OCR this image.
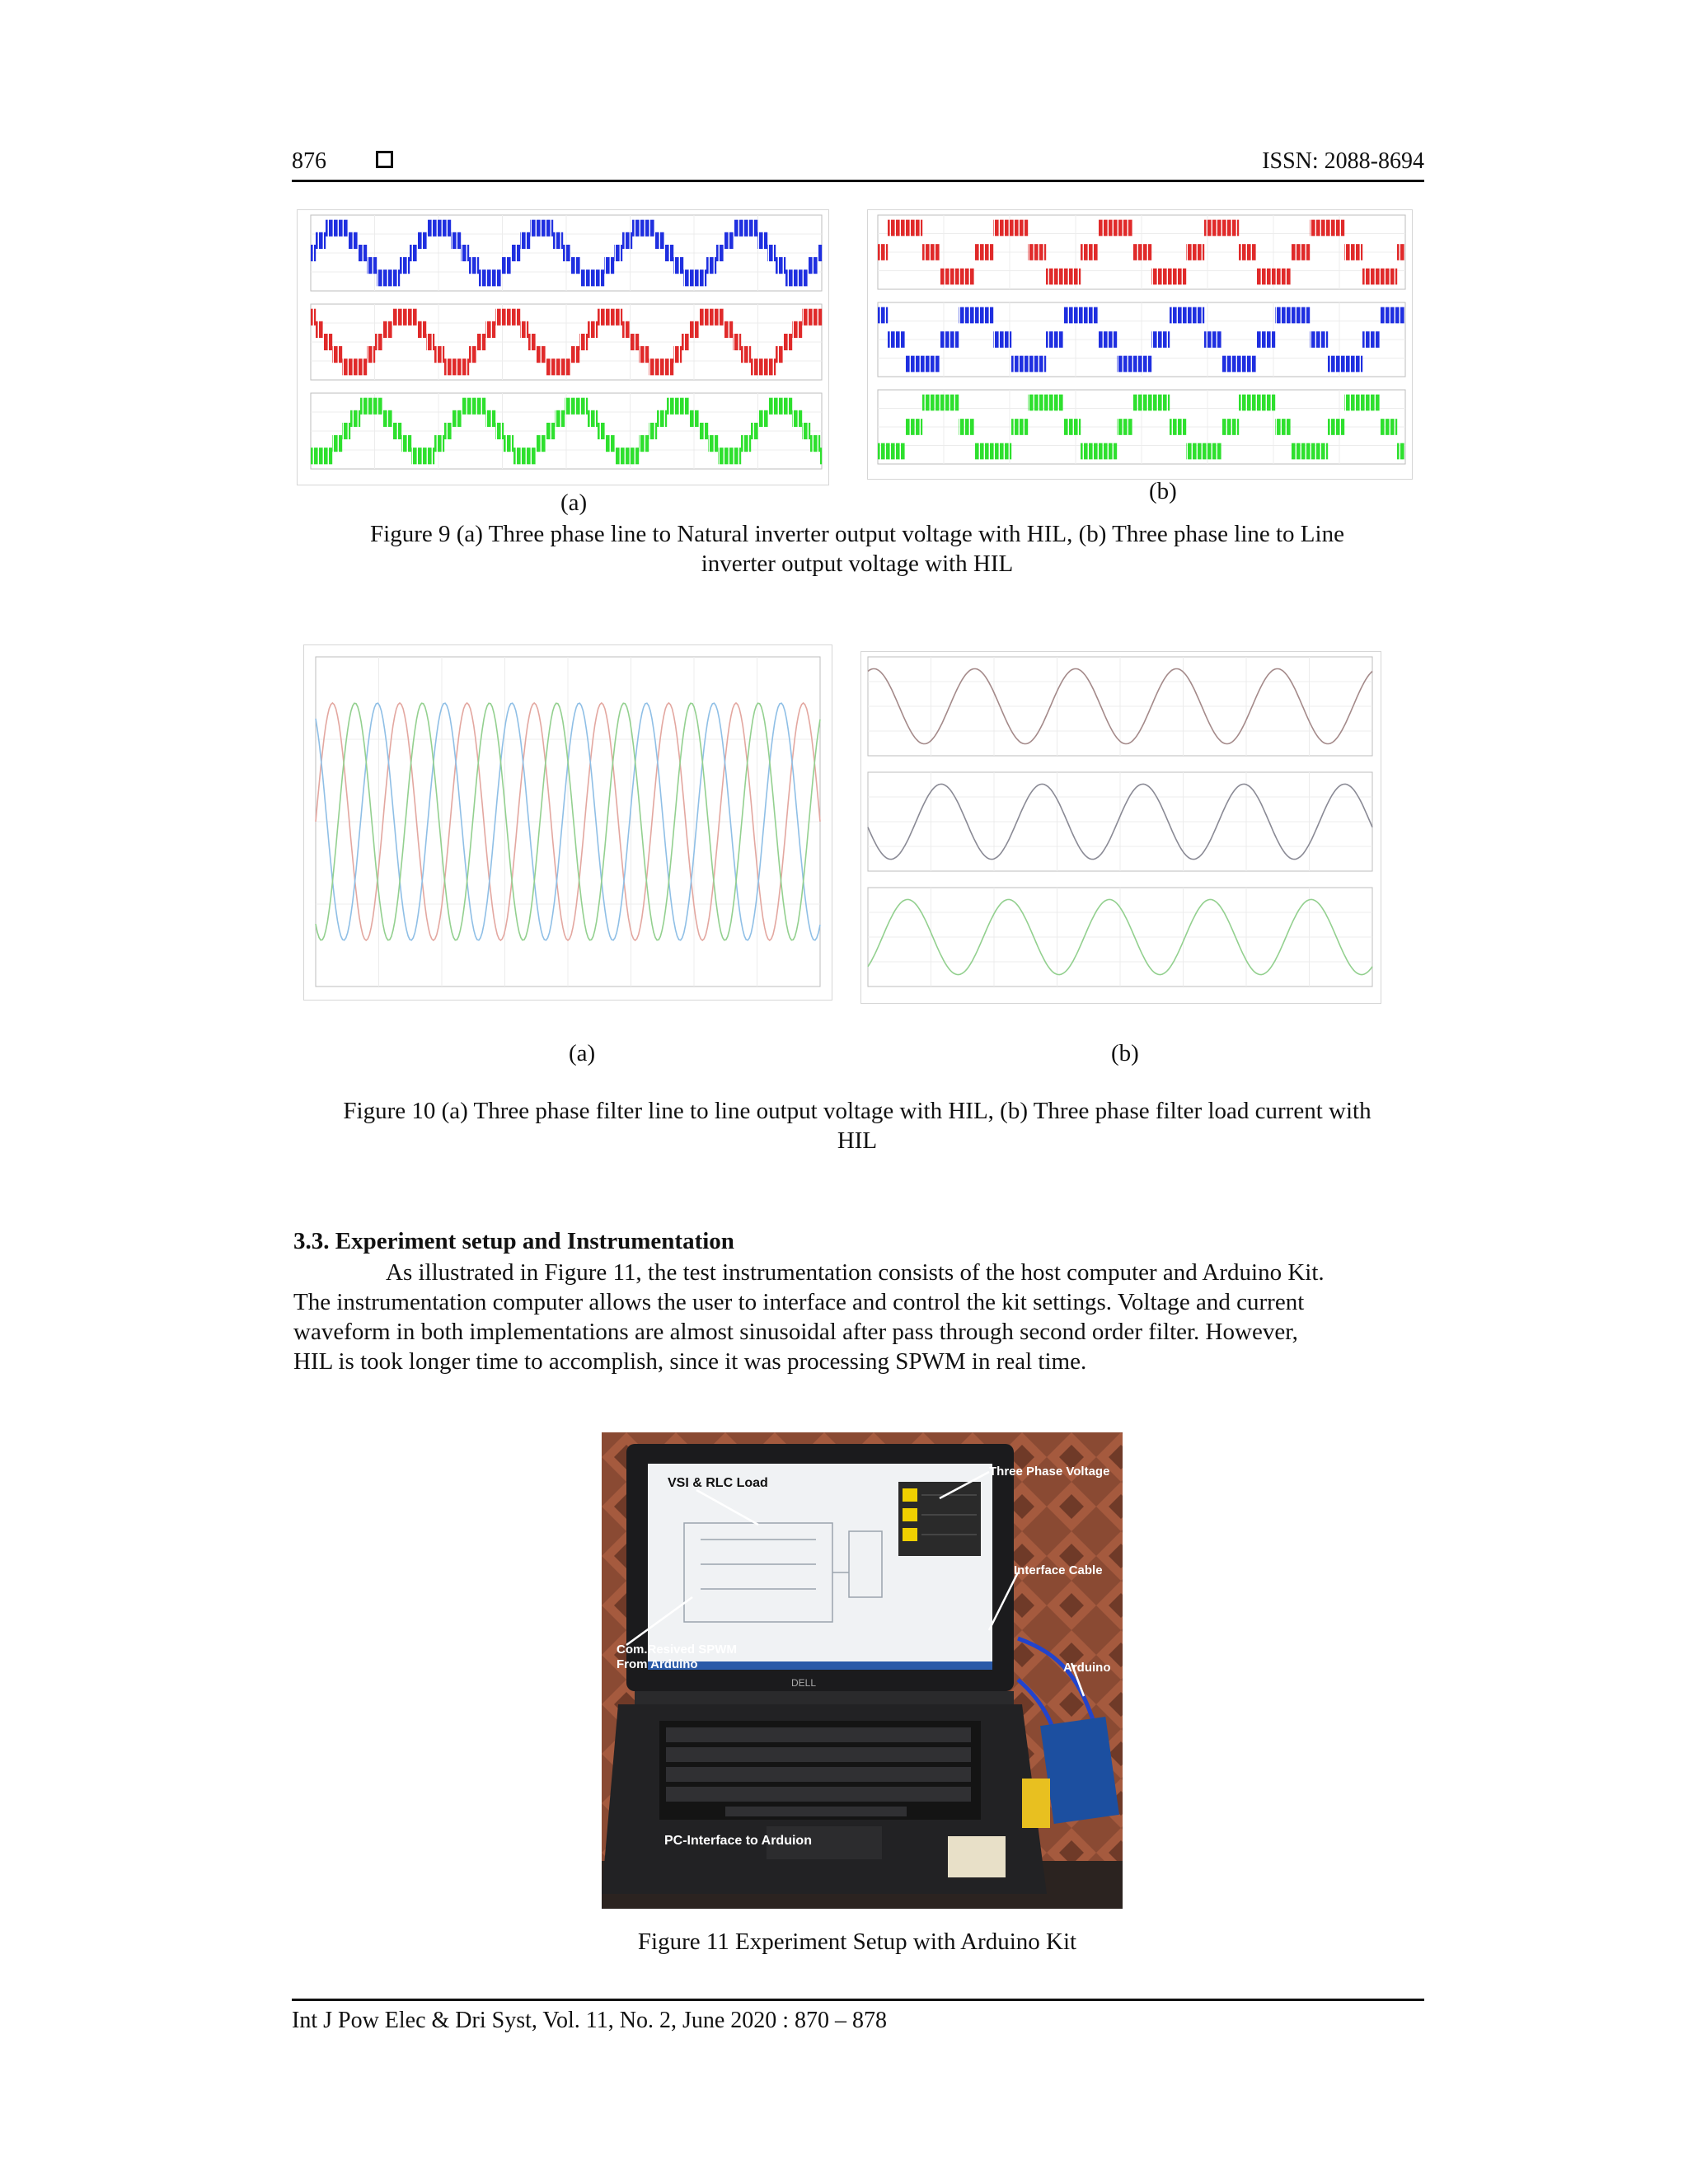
876	ISSN: 2088-8694
(a)	(b)
Figure 9 (a) Three phase line to Natural inverter output voltage with HIL, (b) Three phase line to Line
inverter output voltage with HIL
(a)	(b)
Figure 10 (a) Three phase filter line to line output voltage with HIL, (b) Three phase filter load current with
HIL
3.3. Experiment setup and Instrumentation
As illustrated in Figure 11, the test instrumentation consists of the host computer and Arduino Kit.
The instrumentation computer allows the user to interface and control the kit settings. Voltage and current
waveform in both implementations are almost sinusoidal after pass through second order filter. However,
HIL is took longer time to accomplish, since it was processing SPWM in real time.
DELL
VSI & RLC Load
Three Phase Voltage
Interface Cable
Arduino
Com.Resived SPWM
From Arduino
PC-Interface to Arduion
Figure 11 Experiment Setup with Arduino Kit
Int J Pow Elec & Dri Syst, Vol. 11, No. 2, June 2020 : 870 – 878
